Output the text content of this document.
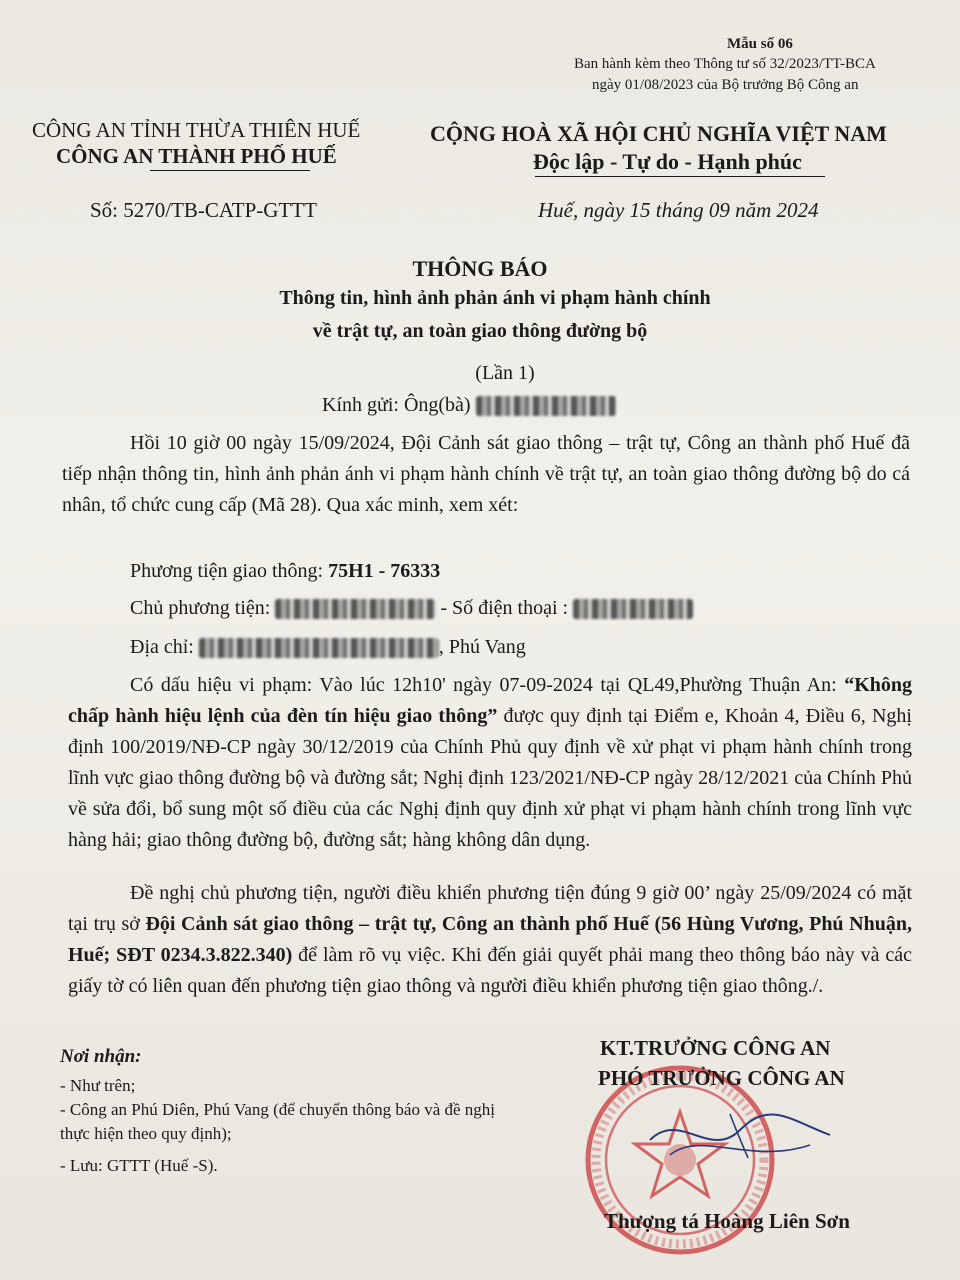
Mẫu số 06
Ban hành kèm theo Thông tư số 32/2023/TT-BCA
ngày 01/08/2023 của Bộ trưởng Bộ Công an
CÔNG AN TỈNH THỪA THIÊN HUẾ
CÔNG AN THÀNH PHỐ HUẾ
Số: 5270/TB-CATP-GTTT
CỘNG HOÀ XÃ HỘI CHỦ NGHĨA VIỆT NAM
Độc lập - Tự do - Hạnh phúc
Huế, ngày 15 tháng 09 năm 2024
THÔNG BÁO
Thông tin, hình ảnh phản ánh vi phạm hành chính
về trật tự, an toàn giao thông đường bộ
(Lần 1)
Kính gửi: Ông(bà)
Hồi 10 giờ 00 ngày 15/09/2024, Đội Cảnh sát giao thông – trật tự, Công an thành phố Huế đã tiếp nhận thông tin, hình ảnh phản ánh vi phạm hành chính về trật tự, an toàn giao thông đường bộ do cá nhân, tổ chức cung cấp (Mã 28). Qua xác minh, xem xét:
Phương tiện giao thông: 75H1 - 76333
Chủ phương tiện:	- Số điện thoại :
Địa chỉ:	, Phú Vang
Có dấu hiệu vi phạm: Vào lúc 12h10' ngày 07-09-2024 tại QL49,Phường Thuận An: “Không chấp hành hiệu lệnh của đèn tín hiệu giao thông” được quy định tại Điểm e, Khoản 4, Điều 6, Nghị định 100/2019/NĐ-CP ngày 30/12/2019 của Chính Phủ quy định về xử phạt vi phạm hành chính trong lĩnh vực giao thông đường bộ và đường sắt; Nghị định 123/2021/NĐ-CP ngày 28/12/2021 của Chính Phủ về sửa đổi, bổ sung một số điều của các Nghị định quy định xử phạt vi phạm hành chính trong lĩnh vực hàng hải; giao thông đường bộ, đường sắt; hàng không dân dụng.
Đề nghị chủ phương tiện, người điều khiển phương tiện đúng 9 giờ 00’ ngày 25/09/2024 có mặt tại trụ sở Đội Cảnh sát giao thông – trật tự, Công an thành phố Huế (56 Hùng Vương, Phú Nhuận, Huế; SĐT 0234.3.822.340) để làm rõ vụ việc. Khi đến giải quyết phải mang theo thông báo này và các giấy tờ có liên quan đến phương tiện giao thông và người điều khiển phương tiện giao thông./.
Nơi nhận:
- Như trên;
- Công an Phú Diên, Phú Vang (để chuyển thông báo và đề nghị thực hiện theo quy định);
- Lưu: GTTT (Huế -S).
KT.TRƯỞNG CÔNG AN
PHÓ TRƯỞNG CÔNG AN
Thượng tá Hoàng Liên Sơn
